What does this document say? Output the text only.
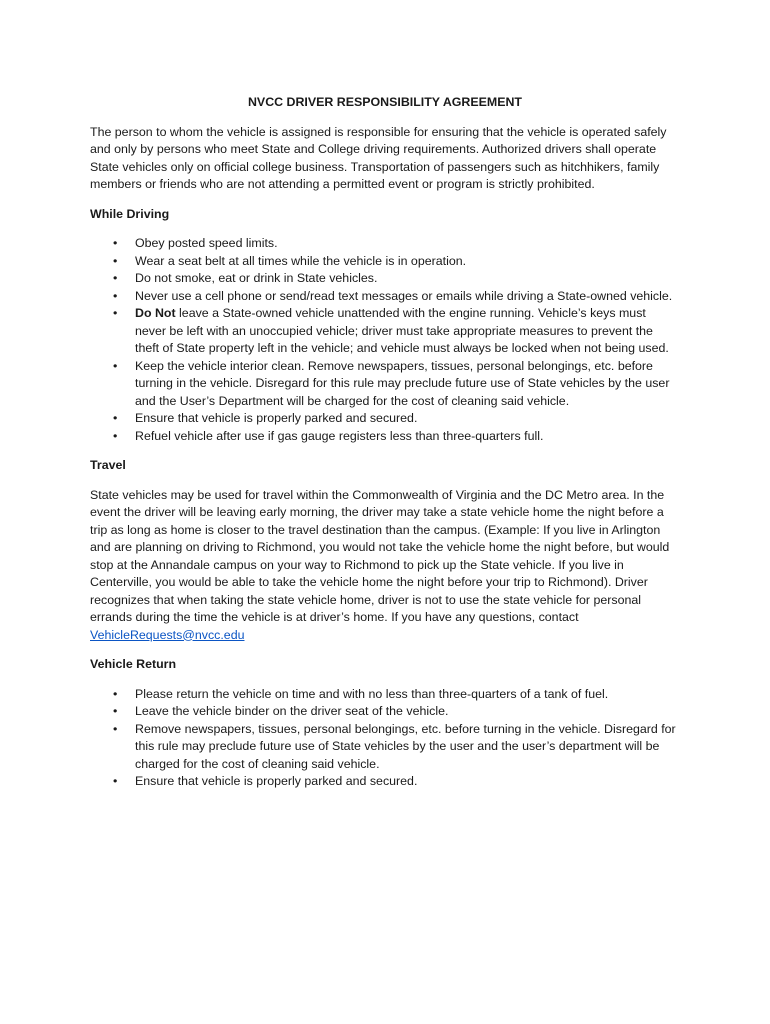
NVCC DRIVER RESPONSIBILITY AGREEMENT

The person to whom the vehicle is assigned is responsible for ensuring that the vehicle is operated safely and only by persons who meet State and College driving requirements. Authorized drivers shall operate State vehicles only on official college business. Transportation of passengers such as hitchhikers, family members or friends who are not attending a permitted event or program is strictly prohibited.

While Driving
• Obey posted speed limits.
• Wear a seat belt at all times while the vehicle is in operation.
• Do not smoke, eat or drink in State vehicles.
• Never use a cell phone or send/read text messages or emails while driving a State-owned vehicle.
• Do Not leave a State-owned vehicle unattended with the engine running. Vehicle’s keys must never be left with an unoccupied vehicle; driver must take appropriate measures to prevent the theft of State property left in the vehicle; and vehicle must always be locked when not being used.
• Keep the vehicle interior clean. Remove newspapers, tissues, personal belongings, etc. before turning in the vehicle. Disregard for this rule may preclude future use of State vehicles by the user and the User’s Department will be charged for the cost of cleaning said vehicle.
• Ensure that vehicle is properly parked and secured.
• Refuel vehicle after use if gas gauge registers less than three-quarters full.
Travel

State vehicles may be used for travel within the Commonwealth of Virginia and the DC Metro area. In the event the driver will be leaving early morning, the driver may take a state vehicle home the night before a trip as long as home is closer to the travel destination than the campus. (Example: If you live in Arlington and are planning on driving to Richmond, you would not take the vehicle home the night before, but would stop at the Annandale campus on your way to Richmond to pick up the State vehicle. If you live in Centerville, you would be able to take the vehicle home the night before your trip to Richmond). Driver recognizes that when taking the state vehicle home, driver is not to use the state vehicle for personal errands during the time the vehicle is at driver’s home. If you have any questions, contact VehicleRequests@nvcc.edu

Vehicle Return
• Please return the vehicle on time and with no less than three-quarters of a tank of fuel.
• Leave the vehicle binder on the driver seat of the vehicle.
• Remove newspapers, tissues, personal belongings, etc. before turning in the vehicle. Disregard for this rule may preclude future use of State vehicles by the user and the user’s department will be charged for the cost of cleaning said vehicle.
• Ensure that vehicle is properly parked and secured.
